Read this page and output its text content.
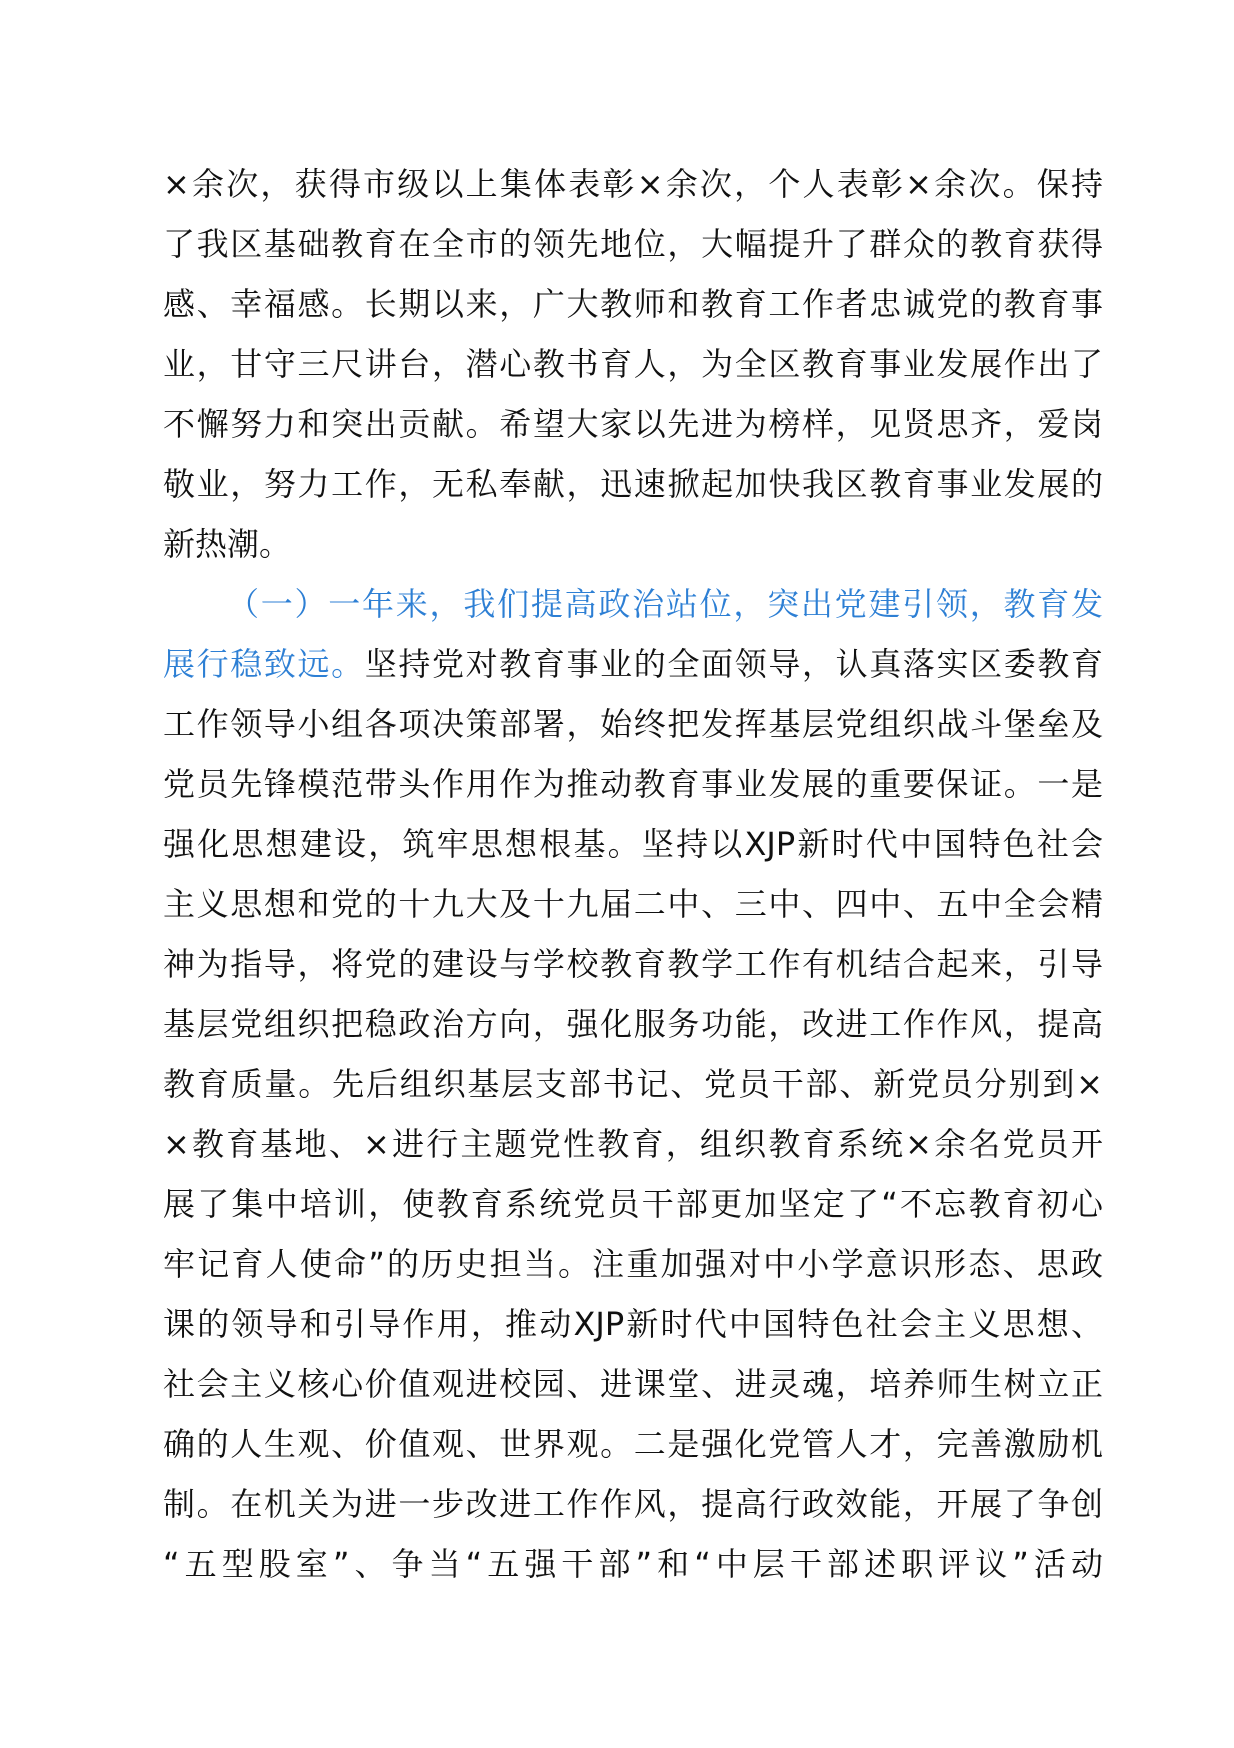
×余次，获得市级以上集体表彰×余次，个人表彰×余次。保持
了我区基础教育在全市的领先地位，大幅提升了群众的教育获得
感、幸福感。长期以来，广大教师和教育工作者忠诚党的教育事
业，甘守三尺讲台，潜心教书育人，为全区教育事业发展作出了
不懈努力和突出贡献。希望大家以先进为榜样，见贤思齐，爱岗
敬业，努力工作，无私奉献，迅速掀起加快我区教育事业发展的
新热潮。
（一）一年来，我们提高政治站位，突出党建引领，教育发
展行稳致远。坚持党对教育事业的全面领导，认真落实区委教育
工作领导小组各项决策部署，始终把发挥基层党组织战斗堡垒及
党员先锋模范带头作用作为推动教育事业发展的重要保证。一是
强化思想建设，筑牢思想根基。坚持以XJP新时代中国特色社会
主义思想和党的十九大及十九届二中、三中、四中、五中全会精
神为指导，将党的建设与学校教育教学工作有机结合起来，引导
基层党组织把稳政治方向，强化服务功能，改进工作作风，提高
教育质量。先后组织基层支部书记、党员干部、新党员分别到×
×教育基地、×进行主题党性教育，组织教育系统×余名党员开
展了集中培训，使教育系统党员干部更加坚定了“不忘教育初心
牢记育人使命”的历史担当。注重加强对中小学意识形态、思政
课的领导和引导作用，推动XJP新时代中国特色社会主义思想、
社会主义核心价值观进校园、进课堂、进灵魂，培养师生树立正
确的人生观、价值观、世界观。二是强化党管人才，完善激励机
制。在机关为进一步改进工作作风，提高行政效能，开展了争创
“五型股室”、争当“五强干部”和“中层干部述职评议”活动
